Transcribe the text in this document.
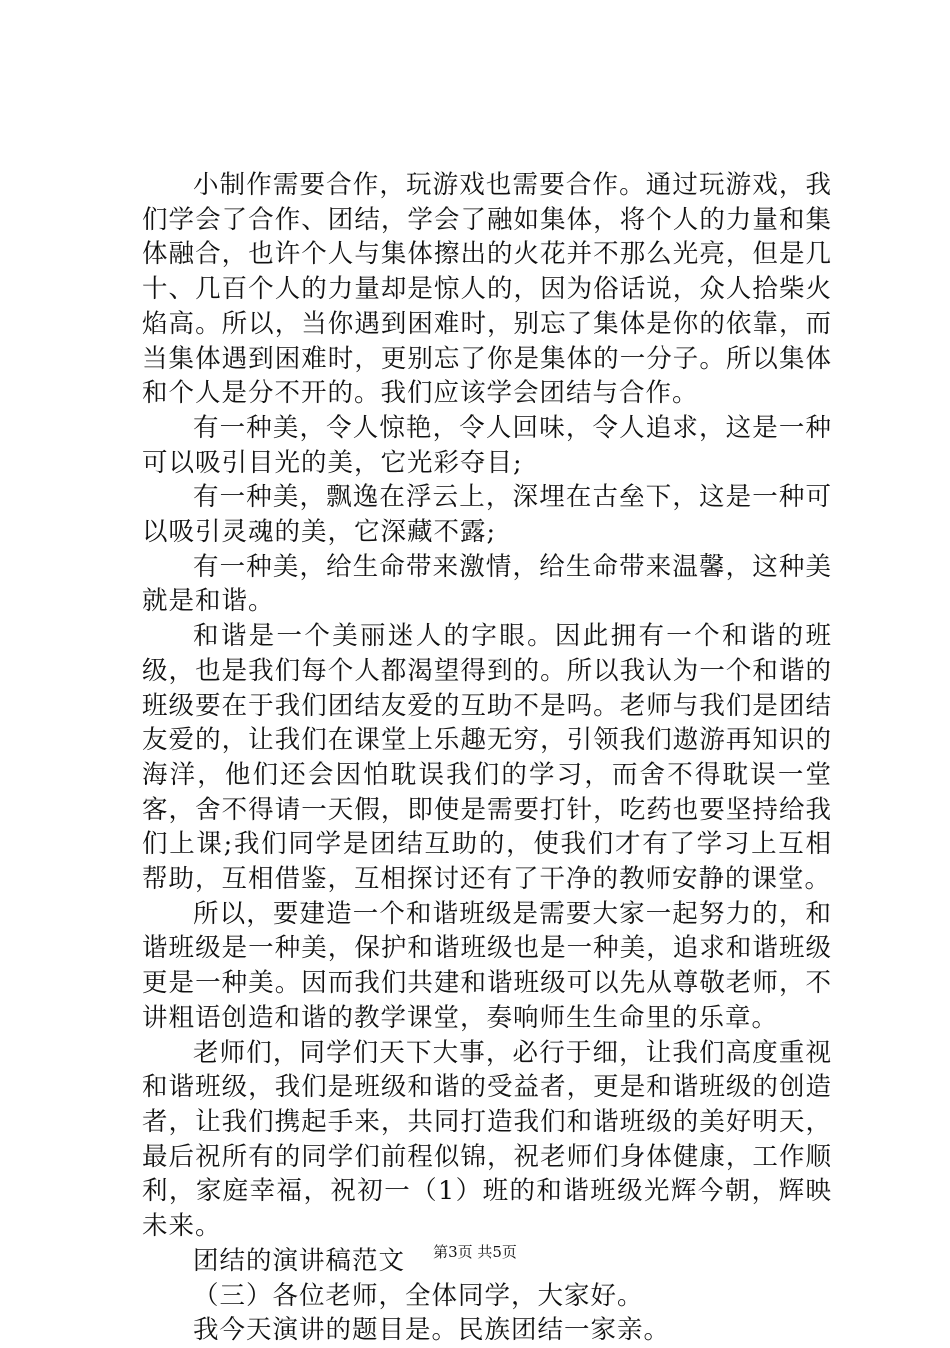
小制作需要合作，玩游戏也需要合作。通过玩游戏，我们学会了合作、团结，学会了融如集体，将个人的力量和集体融合，也许个人与集体擦出的火花并不那么光亮，但是几十、几百个人的力量却是惊人的，因为俗话说，众人拾柴火焰高。所以，当你遇到困难时，别忘了集体是你的依靠，而当集体遇到困难时，更别忘了你是集体的一分子。所以集体和个人是分不开的。我们应该学会团结与合作。

有一种美，令人惊艳，令人回味，令人追求，这是一种可以吸引目光的美，它光彩夺目;

有一种美，飘逸在浮云上，深埋在古垒下，这是一种可以吸引灵魂的美，它深藏不露;

有一种美，给生命带来激情，给生命带来温馨，这种美就是和谐。

和谐是一个美丽迷人的字眼。因此拥有一个和谐的班级，也是我们每个人都渴望得到的。所以我认为一个和谐的班级要在于我们团结友爱的互助不是吗。老师与我们是团结友爱的，让我们在课堂上乐趣无穷，引领我们遨游再知识的海洋，他们还会因怕耽误我们的学习，而舍不得耽误一堂客，舍不得请一天假，即使是需要打针，吃药也要坚持给我们上课;我们同学是团结互助的，使我们才有了学习上互相帮助，互相借鉴，互相探讨还有了干净的教师安静的课堂。

所以，要建造一个和谐班级是需要大家一起努力的，和谐班级是一种美，保护和谐班级也是一种美，追求和谐班级更是一种美。因而我们共建和谐班级可以先从尊敬老师，不讲粗语创造和谐的教学课堂，奏响师生生命里的乐章。

老师们，同学们天下大事，必行于细，让我们高度重视和谐班级，我们是班级和谐的受益者，更是和谐班级的创造者，让我们携起手来，共同打造我们和谐班级的美好明天，最后祝所有的同学们前程似锦，祝老师们身体健康，工作顺利，家庭幸福，祝初一（1）班的和谐班级光辉今朝，辉映未来。

团结的演讲稿范文

（三）各位老师，全体同学，大家好。

我今天演讲的题目是。民族团结一家亲。

第3页 共5页
